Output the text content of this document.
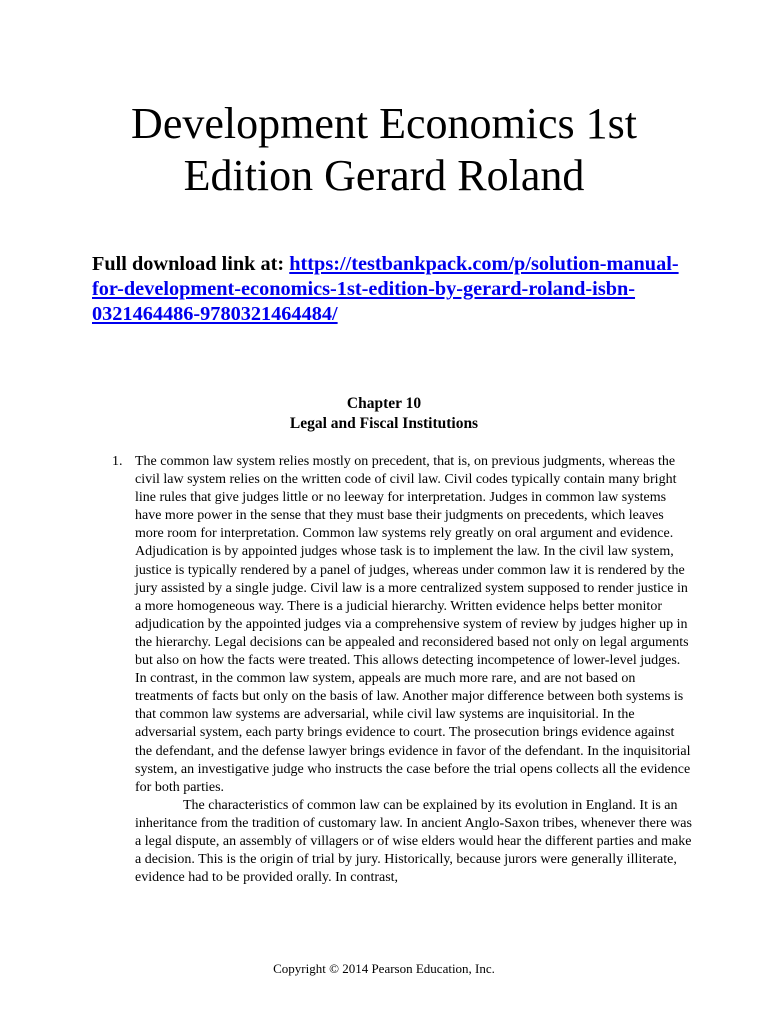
Development Economics 1st
Edition Gerard Roland

Full download link at: https://testbankpack.com/p/solution-manual-for-development-economics-1st-edition-by-gerard-roland-isbn-0321464486-9780321464484/

Chapter 10
Legal and Fiscal Institutions
1. The common law system relies mostly on precedent, that is, on previous judgments, whereas the civil law system relies on the written code of civil law. Civil codes typically contain many bright line rules that give judges little or no leeway for interpretation. Judges in common law systems have more power in the sense that they must base their judgments on precedents, which leaves more room for interpretation. Common law systems rely greatly on oral argument and evidence. Adjudication is by appointed judges whose task is to implement the law. In the civil law system, justice is typically rendered by a panel of judges, whereas under common law it is rendered by the jury assisted by a single judge. Civil law is a more centralized system supposed to render justice in a more homogeneous way. There is a judicial hierarchy. Written evidence helps better monitor adjudication by the appointed judges via a comprehensive system of review by judges higher up in the hierarchy. Legal decisions can be appealed and reconsidered based not only on legal arguments but also on how the facts were treated. This allows detecting incompetence of lower-level judges. In contrast, in the common law system, appeals are much more rare, and are not based on treatments of facts but only on the basis of law. Another major difference between both systems is that common law systems are adversarial, while civil law systems are inquisitorial. In the adversarial system, each party brings evidence to court. The prosecution brings evidence against the defendant, and the defense lawyer brings evidence in favor of the defendant. In the inquisitorial system, an investigative judge who instructs the case before the trial opens collects all the evidence for both parties.

The characteristics of common law can be explained by its evolution in England. It is an inheritance from the tradition of customary law. In ancient Anglo-Saxon tribes, whenever there was a legal dispute, an assembly of villagers or of wise elders would hear the different parties and make a decision. This is the origin of trial by jury. Historically, because jurors were generally illiterate, evidence had to be provided orally. In contrast,

Copyright © 2014 Pearson Education, Inc.
